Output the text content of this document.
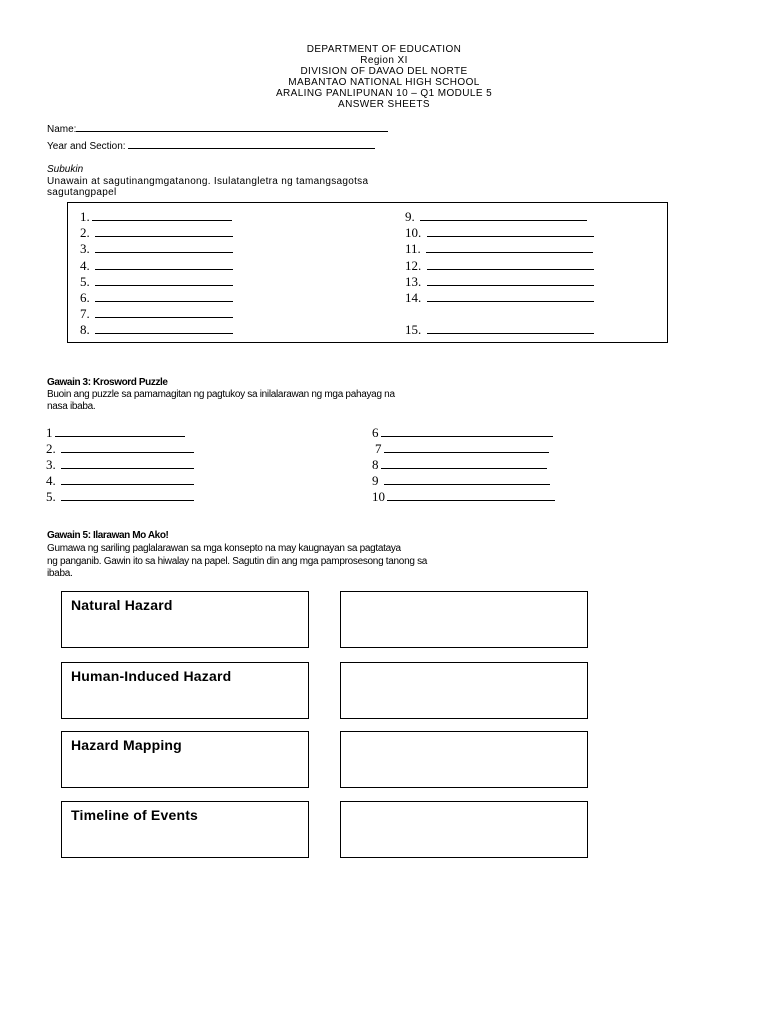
DEPARTMENT OF EDUCATION
Region XI
DIVISION OF DAVAO DEL NORTE
MABANTAO NATIONAL HIGH SCHOOL
ARALING PANLIPUNAN 10 – Q1 MODULE 5
ANSWER SHEETS
Name:
Year and Section:
Subukin
Unawain at sagutinangmgatanong. Isulatangletra ng tamangsagotsa
sagutangpapel
1.
2.
3.
4.
5.
6.
7.
8.
9.
10.
11.
12.
13.
14.
15.
Gawain 3: Krosword Puzzle
Buoin ang puzzle sa pamamagitan ng pagtukoy sa inilalarawan ng mga pahayag na
nasa ibaba.
1
2.
3.
4.
5.
6
7
8
9
10
Gawain 5: Ilarawan Mo Ako!
Gumawa ng sariling paglalarawan sa mga konsepto na may kaugnayan sa pagtataya
ng panganib. Gawin ito sa hiwalay na papel. Sagutin din ang mga pamprosesong tanong sa
ibaba.
Natural Hazard
Human-Induced Hazard
Hazard Mapping
Timeline of Events
